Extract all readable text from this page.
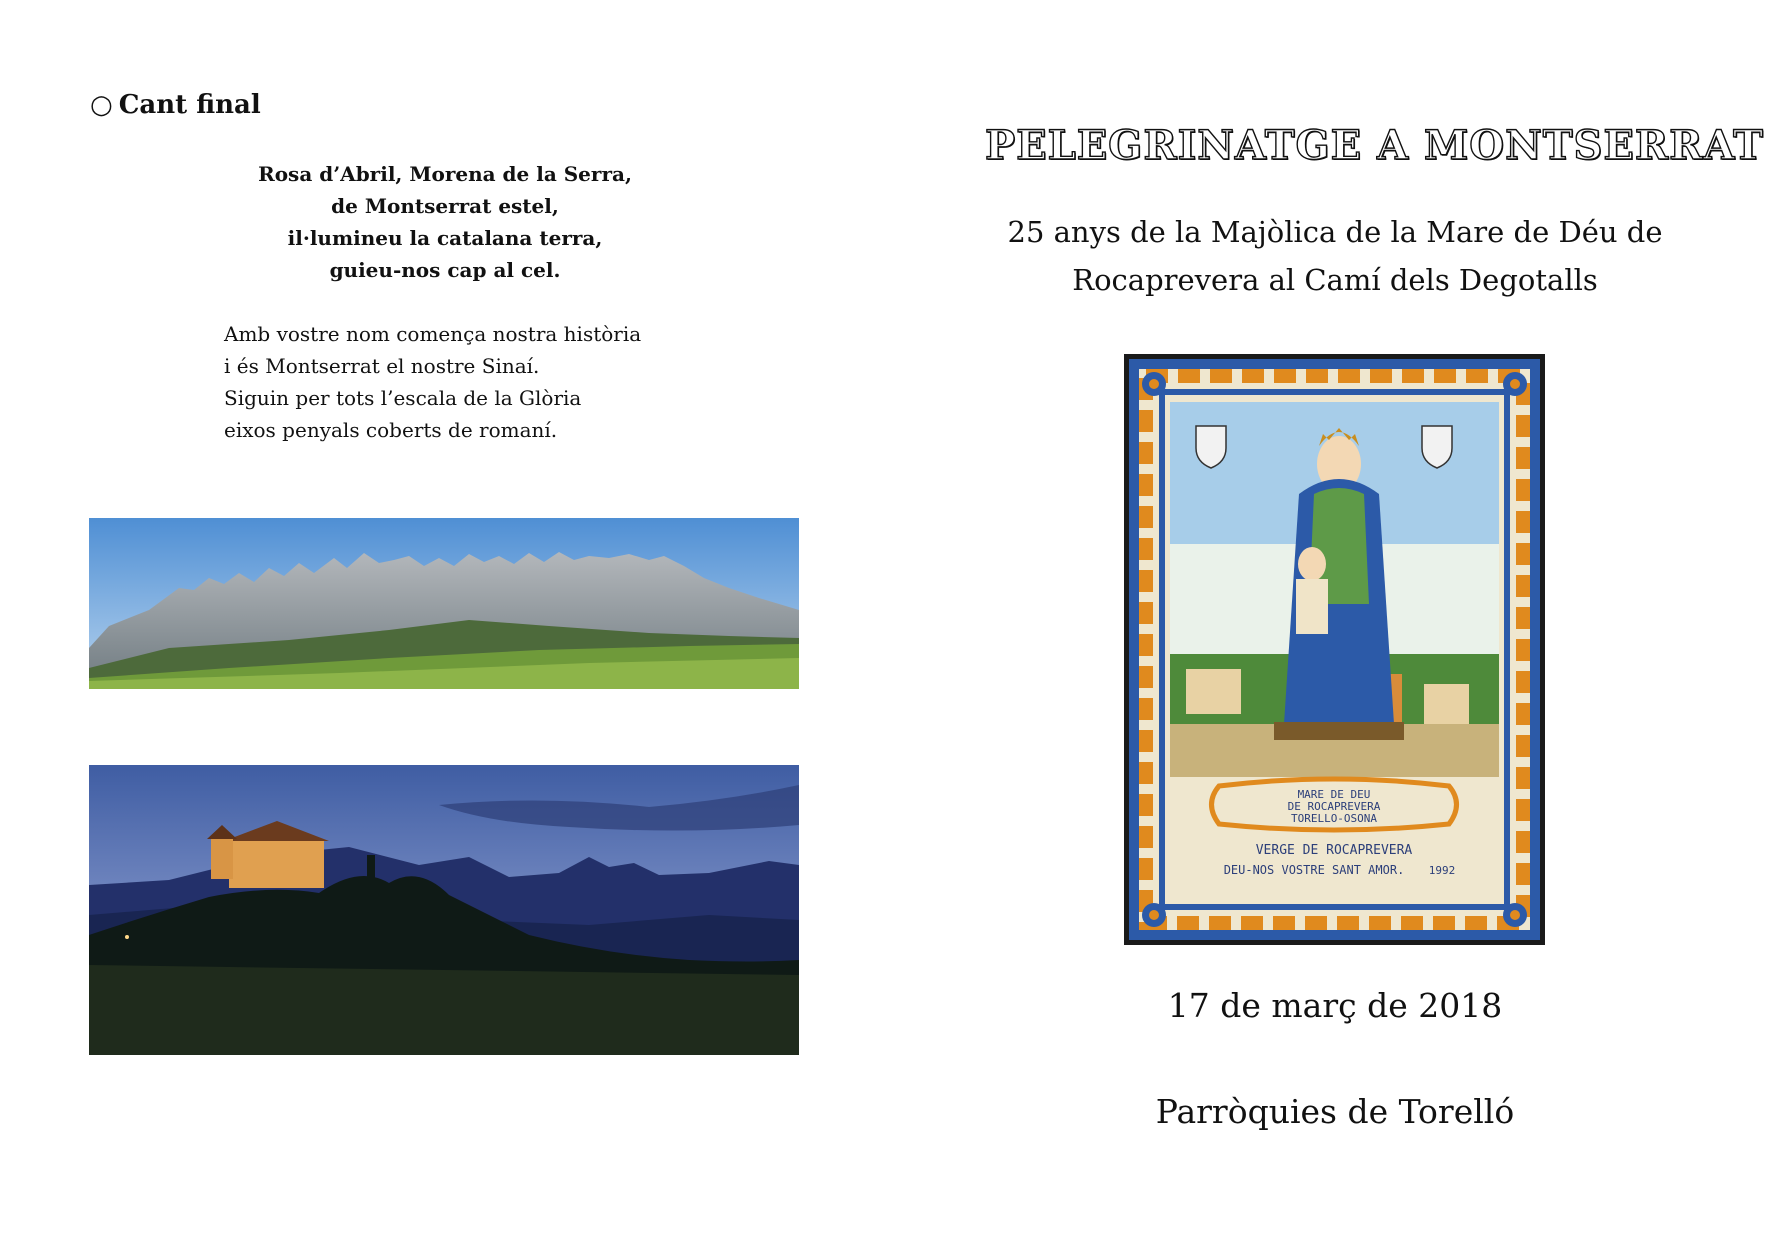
○ Cant final
Rosa d’Abril, Morena de la Serra,
de Montserrat estel,
il·lumineu la catalana terra,
guieu-nos cap al cel.
Amb vostre nom comença nostra història
i és Montserrat el nostre Sinaí.
Siguin per tots l’escala de la Glòria
eixos penyals coberts de romaní.
PELEGRINATGE A MONTSERRAT
25 anys de la Majòlica de la Mare de Déu de
Rocaprevera al Camí dels Degotalls
MARE DE DEU
DE ROCAPREVERA
TORELLO-OSONA
VERGE DE ROCAPREVERA
DEU-NOS VOSTRE SANT AMOR. 1992
17 de març de 2018
Parròquies de Torelló
